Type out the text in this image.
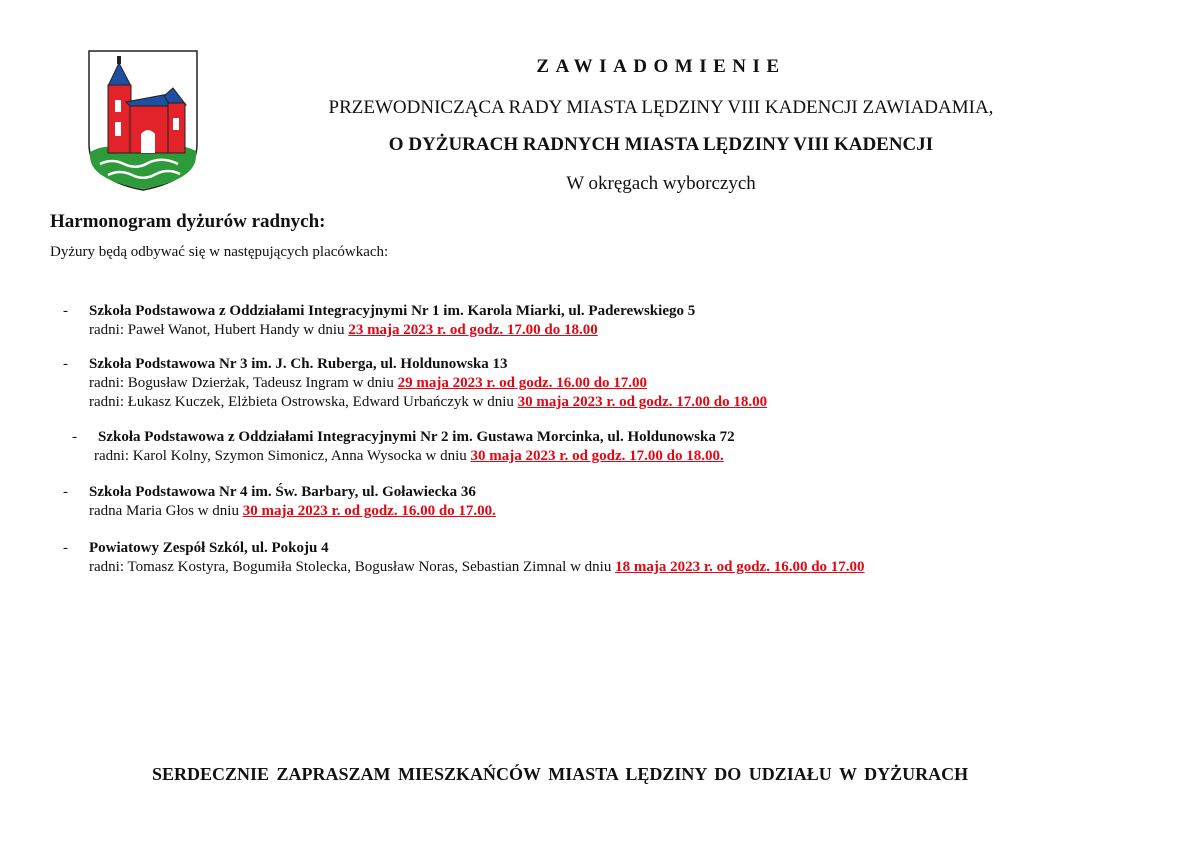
ZAWIADOMIENIE
PRZEWODNICZĄCA RADY MIASTA LĘDZINY VIII KADENCJI ZAWIADAMIA,
O DYŻURACH RADNYCH MIASTA LĘDZINY VIII KADENCJI
W okręgach wyborczych
Harmonogram dyżurów radnych:
Dyżury będą odbywać się w następujących placówkach:
- Szkoła Podstawowa z Oddziałami Integracyjnymi Nr 1 im. Karola Miarki, ul. Paderewskiego 5
radni: Paweł Wanot, Hubert Handy w dniu 23 maja 2023 r. od godz. 17.00 do 18.00
- Szkoła Podstawowa Nr 3 im. J. Ch. Ruberga, ul. Holdunowska 13
radni: Bogusław Dzierżak, Tadeusz Ingram w dniu 29 maja 2023 r. od godz. 16.00 do 17.00
radni: Łukasz Kuczek, Elżbieta Ostrowska, Edward Urbańczyk w dniu 30 maja 2023 r. od godz. 17.00 do 18.00
- Szkoła Podstawowa z Oddziałami Integracyjnymi Nr 2 im. Gustawa Morcinka, ul. Holdunowska 72
radni: Karol Kolny, Szymon Simonicz, Anna Wysocka w dniu 30 maja 2023 r. od godz. 17.00 do 18.00.
- Szkoła Podstawowa Nr 4 im. Św. Barbary, ul. Goławiecka 36
radna Maria Głos w dniu 30 maja 2023 r. od godz. 16.00 do 17.00.
- Powiatowy Zespół Szkól, ul. Pokoju 4
radni: Tomasz Kostyra, Bogumiła Stolecka, Bogusław Noras, Sebastian Zimnal w dniu 18 maja 2023 r. od godz. 16.00 do 17.00
SERDECZNIE ZAPRASZAM MIESZKAŃCÓW MIASTA LĘDZINY DO UDZIAŁU W DYŻURACH
